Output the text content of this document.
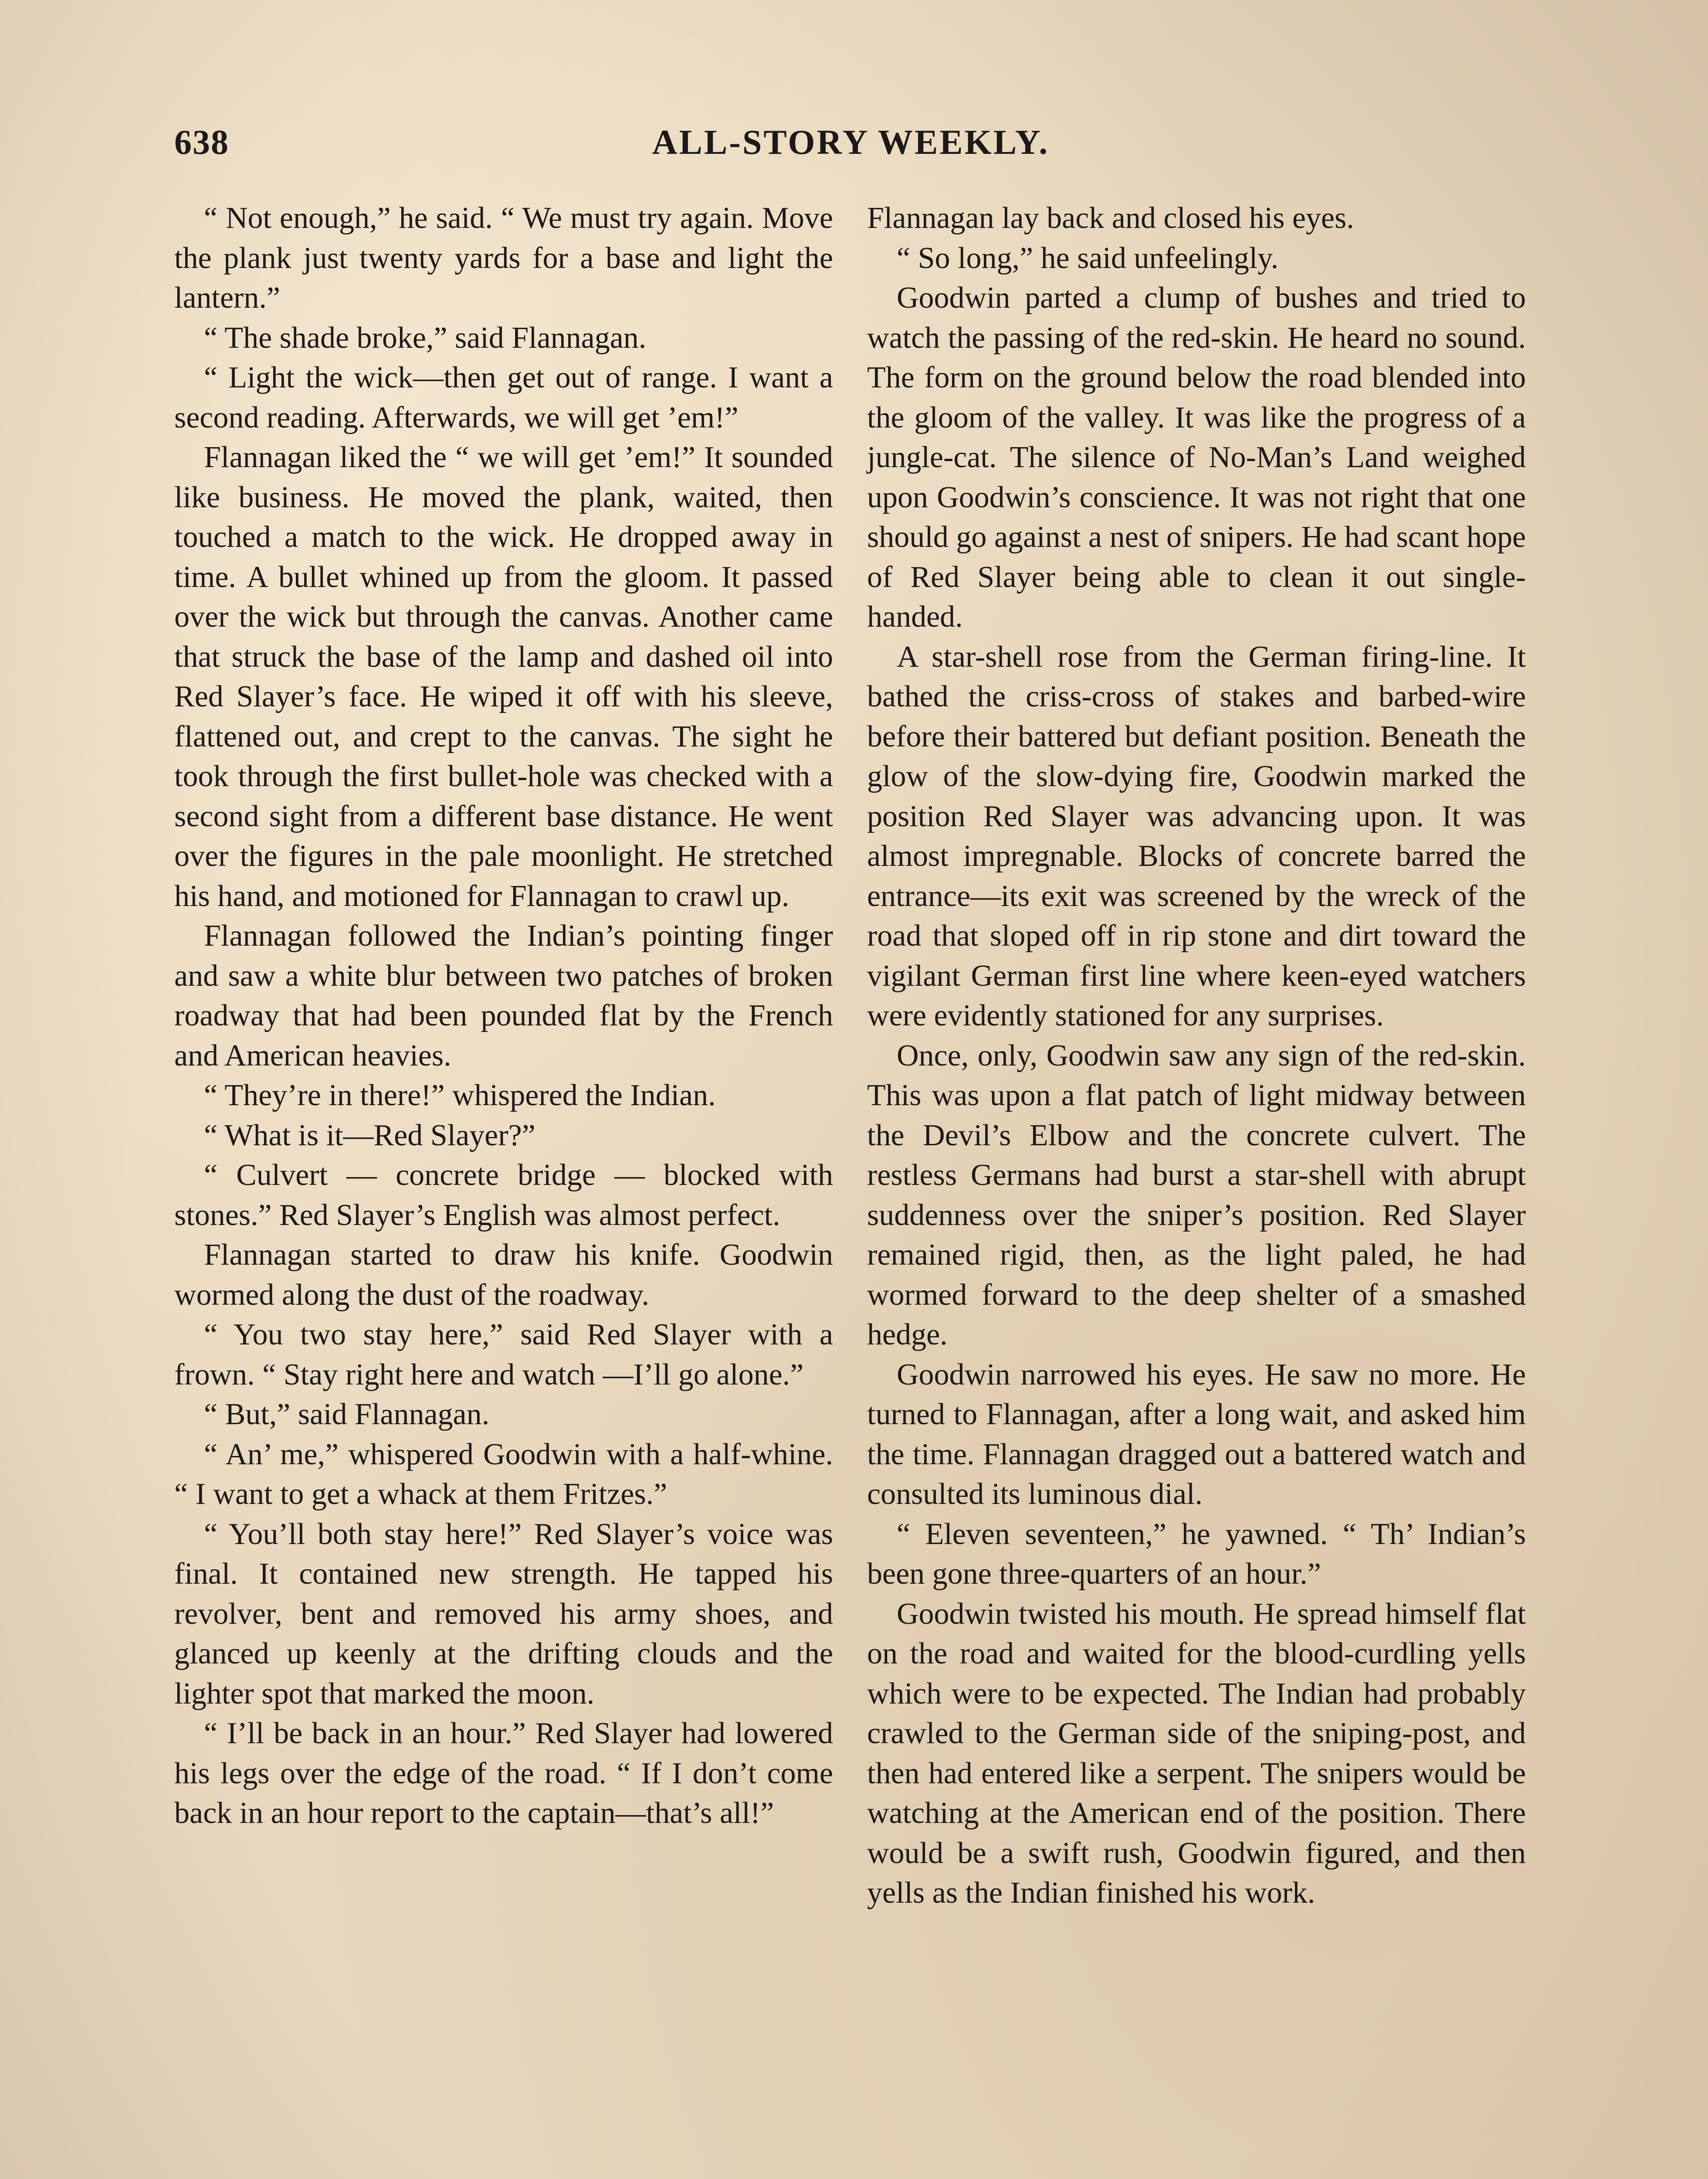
638	ALL-STORY WEEKLY.

“ Not enough,” he said. “ We must try again. Move the plank just twenty yards for a base and light the lantern.”

“ The shade broke,” said Flannagan.

“ Light the wick—then get out of range. I want a second reading. Afterwards, we will get ’em!”

Flannagan liked the “ we will get ’em!” It sounded like business. He moved the plank, waited, then touched a match to the wick. He dropped away in time. A bullet whined up from the gloom. It passed over the wick but through the canvas. Another came that struck the base of the lamp and dashed oil into Red Slayer’s face. He wiped it off with his sleeve, flattened out, and crept to the canvas. The sight he took through the first bullet-hole was checked with a second sight from a different base distance. He went over the figures in the pale moonlight. He stretched his hand, and motioned for Flannagan to crawl up.

Flannagan followed the Indian’s pointing finger and saw a white blur between two patches of broken roadway that had been pounded flat by the French and American heavies.

“ They’re in there!” whispered the Indian.

“ What is it—Red Slayer?”

“ Culvert — concrete bridge — blocked with stones.” Red Slayer’s English was almost perfect.

Flannagan started to draw his knife. Goodwin wormed along the dust of the roadway.

“ You two stay here,” said Red Slayer with a frown. “ Stay right here and watch —I’ll go alone.”

“ But,” said Flannagan.

“ An’ me,” whispered Goodwin with a half-whine. “ I want to get a whack at them Fritzes.”

“ You’ll both stay here!” Red Slayer’s voice was final. It contained new strength. He tapped his revolver, bent and removed his army shoes, and glanced up keenly at the drifting clouds and the lighter spot that marked the moon.

“ I’ll be back in an hour.” Red Slayer had lowered his legs over the edge of the road. “ If I don’t come back in an hour report to the captain—that’s all!”

Flannagan lay back and closed his eyes.

“ So long,” he said unfeelingly.

Goodwin parted a clump of bushes and tried to watch the passing of the red-skin. He heard no sound. The form on the ground below the road blended into the gloom of the valley. It was like the progress of a jungle-cat. The silence of No-Man’s Land weighed upon Goodwin’s conscience. It was not right that one should go against a nest of snipers. He had scant hope of Red Slayer being able to clean it out single-handed.

A star-shell rose from the German firing-line. It bathed the criss-cross of stakes and barbed-wire before their battered but defiant position. Beneath the glow of the slow-dying fire, Goodwin marked the position Red Slayer was advancing upon. It was almost impregnable. Blocks of concrete barred the entrance—its exit was screened by the wreck of the road that sloped off in rip stone and dirt toward the vigilant German first line where keen-eyed watchers were evidently stationed for any surprises.

Once, only, Goodwin saw any sign of the red-skin. This was upon a flat patch of light midway between the Devil’s Elbow and the concrete culvert. The restless Germans had burst a star-shell with abrupt suddenness over the sniper’s position. Red Slayer remained rigid, then, as the light paled, he had wormed forward to the deep shelter of a smashed hedge.

Goodwin narrowed his eyes. He saw no more. He turned to Flannagan, after a long wait, and asked him the time. Flannagan dragged out a battered watch and consulted its luminous dial.

“ Eleven seventeen,” he yawned. “ Th’ Indian’s been gone three-quarters of an hour.”

Goodwin twisted his mouth. He spread himself flat on the road and waited for the blood-curdling yells which were to be expected. The Indian had probably crawled to the German side of the sniping-post, and then had entered like a serpent. The snipers would be watching at the American end of the position. There would be a swift rush, Goodwin figured, and then yells as the Indian finished his work.
